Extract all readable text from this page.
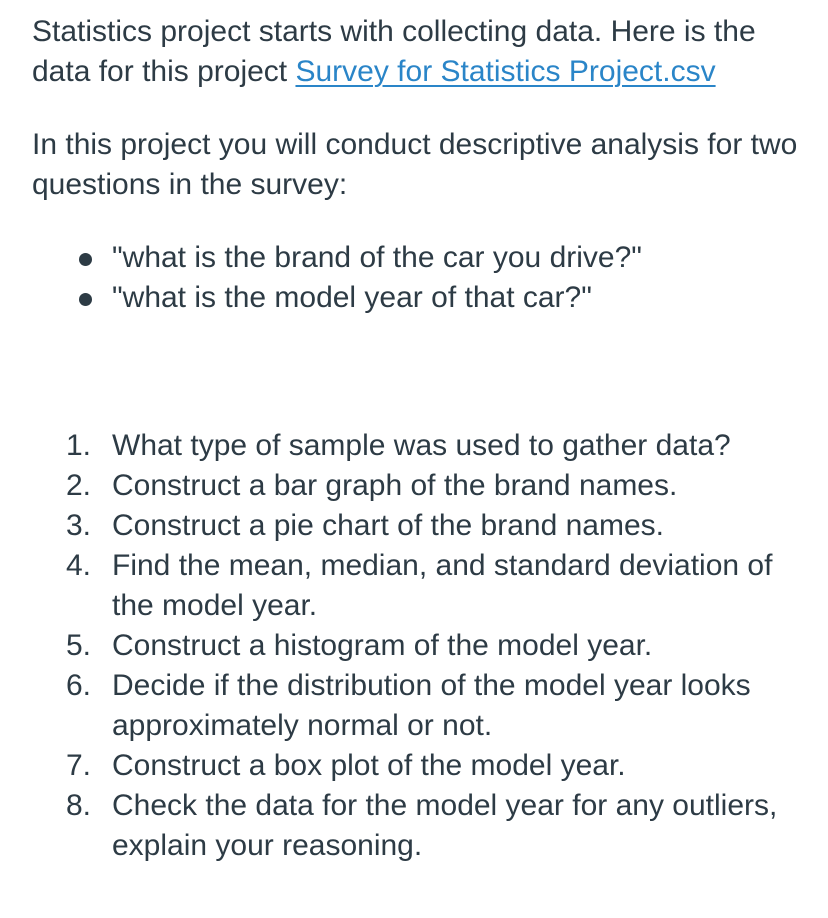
Statistics project starts with collecting data. Here is the data for this project Survey for Statistics Project.csv

In this project you will conduct descriptive analysis for two questions in the survey:

"what is the brand of the car you drive?"
"what is the model year of that car?"
1. What type of sample was used to gather data?
2. Construct a bar graph of the brand names.
3. Construct a pie chart of the brand names.
4. Find the mean, median, and standard deviation of the model year.
5. Construct a histogram of the model year.
6. Decide if the distribution of the model year looks approximately normal or not.
7. Construct a box plot of the model year.
8. Check the data for the model year for any outliers, explain your reasoning.
